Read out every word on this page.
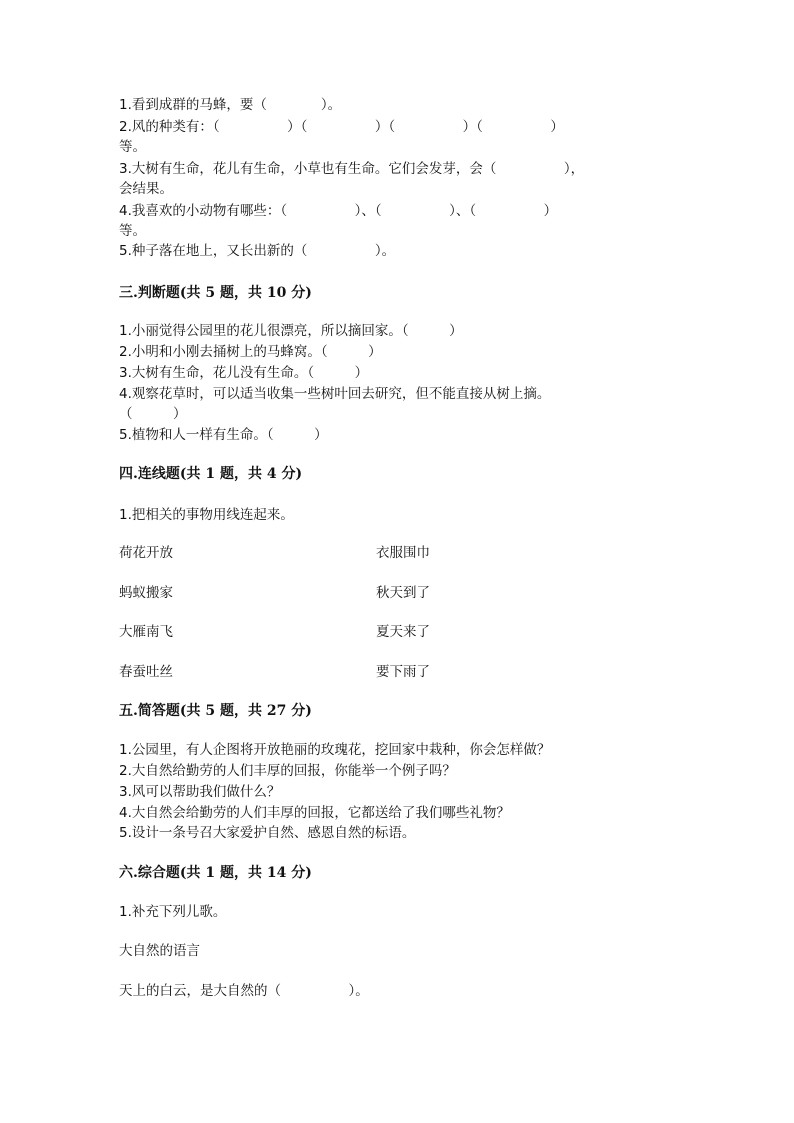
1.看到成群的马蜂，要（　　　　）。
2.风的种类有：（　　　　　）（　　　　　）（　　　　　）（　　　　　）
等。
3.大树有生命，花儿有生命，小草也有生命。它们会发芽，会（　　　　　），
会结果。
4.我喜欢的小动物有哪些：（　　　　　）、（　　　　　）、（　　　　　）
等。
5.种子落在地上，又长出新的（　　　　　）。
三.判断题(共 5 题，共 10 分)
1.小丽觉得公园里的花儿很漂亮，所以摘回家。（　　　）
2.小明和小刚去捅树上的马蜂窝。（　　　）
3.大树有生命，花儿没有生命。（　　　）
4.观察花草时，可以适当收集一些树叶回去研究，但不能直接从树上摘。
（　　　）
5.植物和人一样有生命。（　　　）
四.连线题(共 1 题，共 4 分)
1.把相关的事物用线连起来。
荷花开放	衣服围巾
蚂蚁搬家	秋天到了
大雁南飞	夏天来了
春蚕吐丝	要下雨了
五.简答题(共 5 题，共 27 分)
1.公园里，有人企图将开放艳丽的玫瑰花，挖回家中栽种，你会怎样做？
2.大自然给勤劳的人们丰厚的回报，你能举一个例子吗？
3.风可以帮助我们做什么？
4.大自然会给勤劳的人们丰厚的回报，它都送给了我们哪些礼物？
5.设计一条号召大家爱护自然、感恩自然的标语。
六.综合题(共 1 题，共 14 分)
1.补充下列儿歌。
大自然的语言
天上的白云，是大自然的（　　　　　）。
